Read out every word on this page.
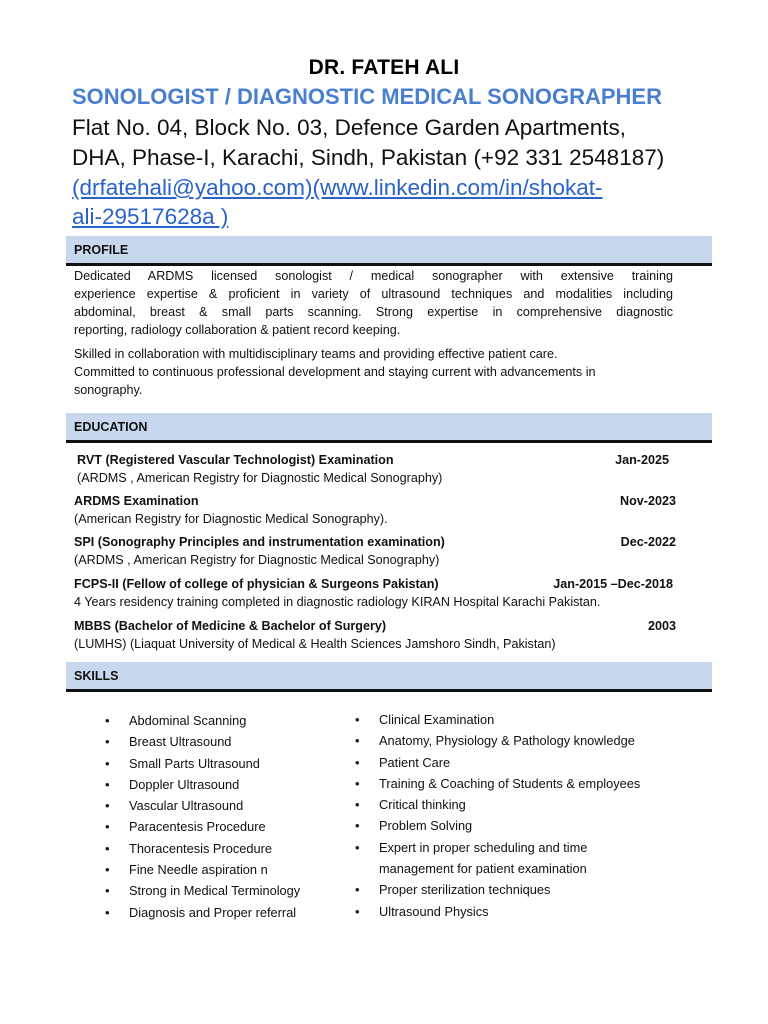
DR. FATEH ALI
SONOLOGIST / DIAGNOSTIC MEDICAL SONOGRAPHER
Flat No. 04, Block No. 03, Defence Garden Apartments,
DHA, Phase-I, Karachi, Sindh, Pakistan (+92 331 2548187)
(drfatehali@yahoo.com)(www.linkedin.com/in/shokat-
ali-29517628a )
PROFILE
Dedicated ARDMS licensed sonologist / medical sonographer with extensive training
experience expertise & proficient in variety of ultrasound techniques and modalities including
abdominal, breast & small parts scanning. Strong expertise in comprehensive diagnostic
reporting, radiology collaboration & patient record keeping.
Skilled in collaboration with multidisciplinary teams and providing effective patient care.
Committed to continuous professional development and staying current with advancements in
sonography.
EDUCATION
RVT (Registered Vascular Technologist) Examination	Jan-2025
(ARDMS , American Registry for Diagnostic Medical Sonography)
ARDMS Examination	Nov-2023
(American Registry for Diagnostic Medical Sonography).
SPI (Sonography Principles and instrumentation examination)	Dec-2022
(ARDMS , American Registry for Diagnostic Medical Sonography)
FCPS-II (Fellow of college of physician & Surgeons Pakistan)	Jan-2015 –Dec-2018
4 Years residency training completed in diagnostic radiology KIRAN Hospital Karachi Pakistan.
MBBS (Bachelor of Medicine & Bachelor of Surgery)	2003
(LUMHS) (Liaquat University of Medical & Health Sciences Jamshoro Sindh, Pakistan)
SKILLS
•
Abdominal Scanning
•
Breast Ultrasound
•
Small Parts Ultrasound
•
Doppler Ultrasound
•
Vascular Ultrasound
•
Paracentesis Procedure
•
Thoracentesis Procedure
•
Fine Needle aspiration n
•
Strong in Medical Terminology
•
Diagnosis and Proper referral
•
Clinical Examination
•
Anatomy, Physiology & Pathology knowledge
•
Patient Care
•
Training & Coaching of Students & employees
•
Critical thinking
•
Problem Solving
•
Expert in proper scheduling and time
management for patient examination
•
Proper sterilization techniques
•
Ultrasound Physics
